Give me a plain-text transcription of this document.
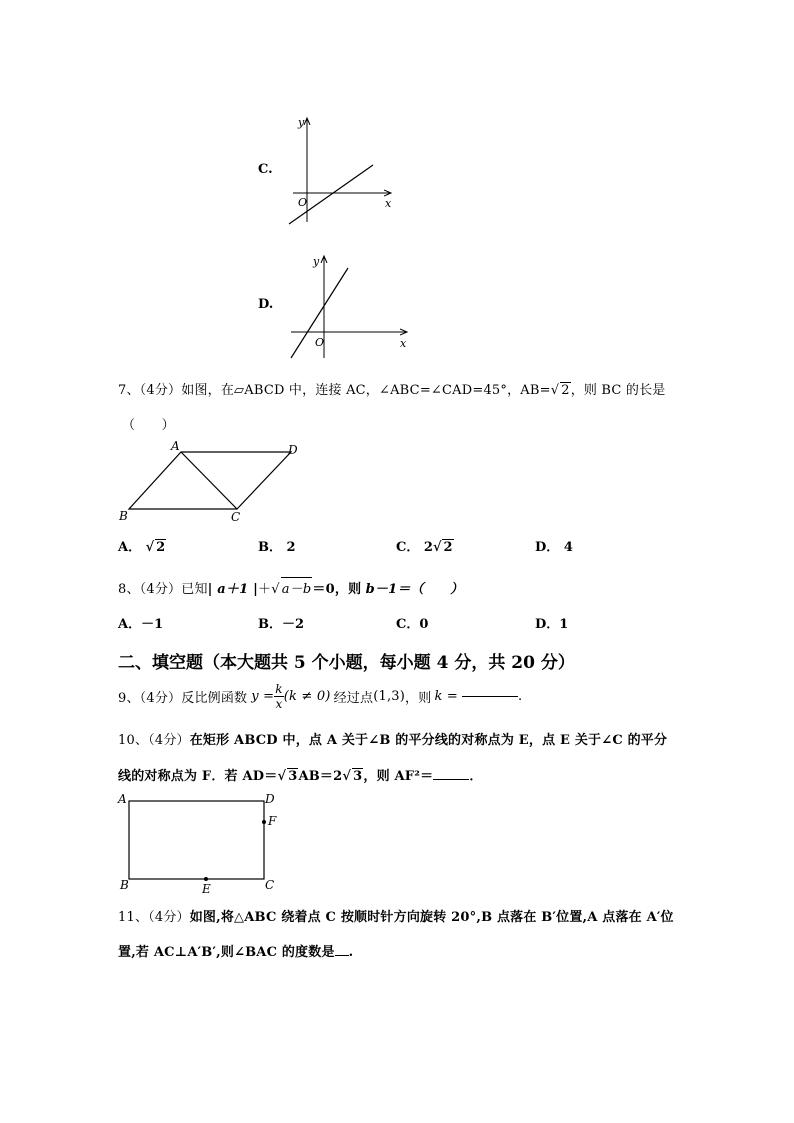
C.
y
x
O
D.
y
x
O
7、（4分）如图，在▱ABCD 中，连接 AC，∠ABC=∠CAD=45°，AB=√ 2，则 BC 的长是
（　　）
A	D
B	C
A． √ 2	B． 2	C． 2√ 2	D． 4
8、（4分）已知| a＋1 |＋√ a－b＝0，则 b－1＝（　　）
A．－1	B．－2	C．0	D．1
二、填空题（本大题共 5 个小题，每小题 4 分，共 20 分）
9、（4分） 反比例函数 $y = \frac{k}{x} (k \ne 0)$ 经过点 (1,3) ，则 k =	.
10、（4分）在矩形 ABCD 中，点 A 关于∠B 的平分线的对称点为 E，点 E 关于∠C 的平分
线的对称点为 F．若 AD＝√ 3AB＝2√ 3，则 AF²＝	．
A	D
F
B	E	C
11、（4分）如图,将△ABC 绕着点 C 按顺时针方向旋转 20°,B 点落在 B′位置,A 点落在 A′位
置,若 AC⊥A′B′,则∠BAC 的度数是 .
